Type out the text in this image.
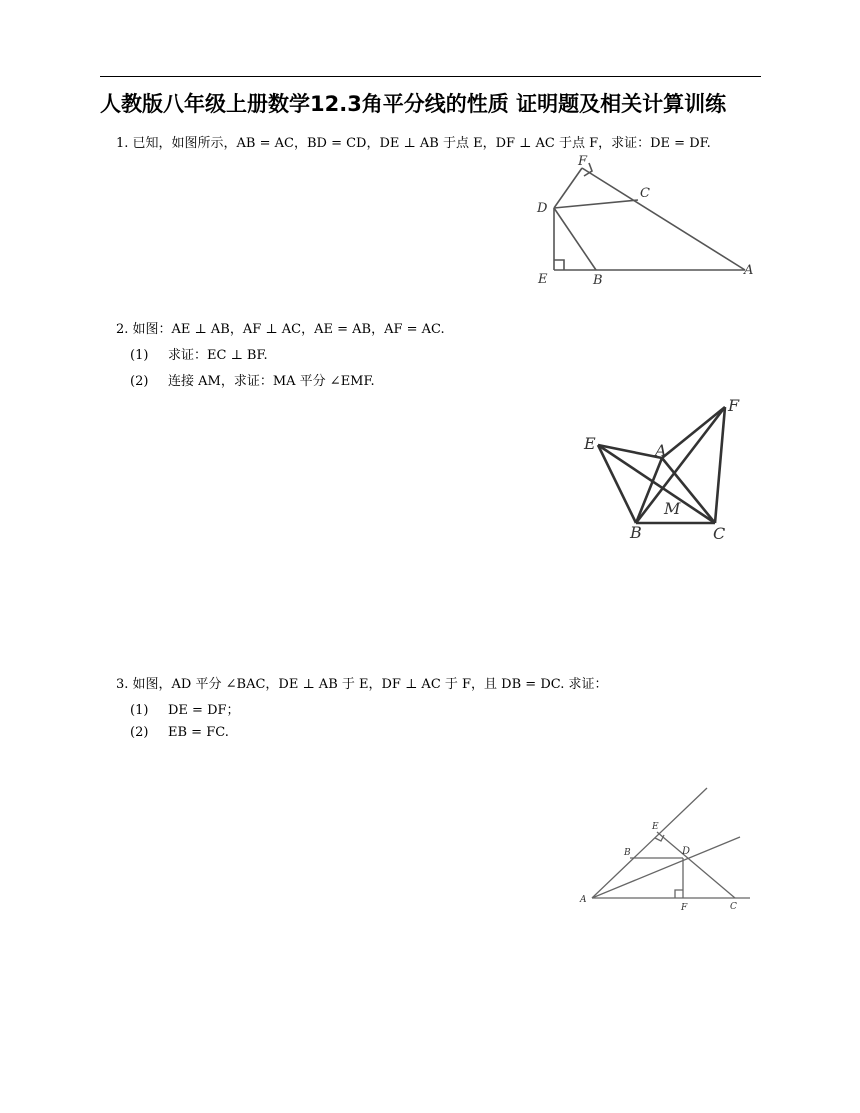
人教版八年级上册数学12.3角平分线的性质 证明题及相关计算训练
1. 已知，如图所示，AB = AC，BD = CD，DE ⊥ AB 于点 E，DF ⊥ AC 于点 F，求证：DE = DF.
F
C
D
E	B
A
2. 如图：AE ⊥ AB，AF ⊥ AC，AE = AB，AF = AC.
(1) 求证：EC ⊥ BF.
(2) 连接 AM，求证：MA 平分 ∠EMF.
E	A
F
M
B	C
3. 如图，AD 平分 ∠BAC，DE ⊥ AB 于 E，DF ⊥ AC 于 F，且 DB = DC. 求证：
(1) DE = DF；
(2) EB = FC.
E
B	D
A
F	C
